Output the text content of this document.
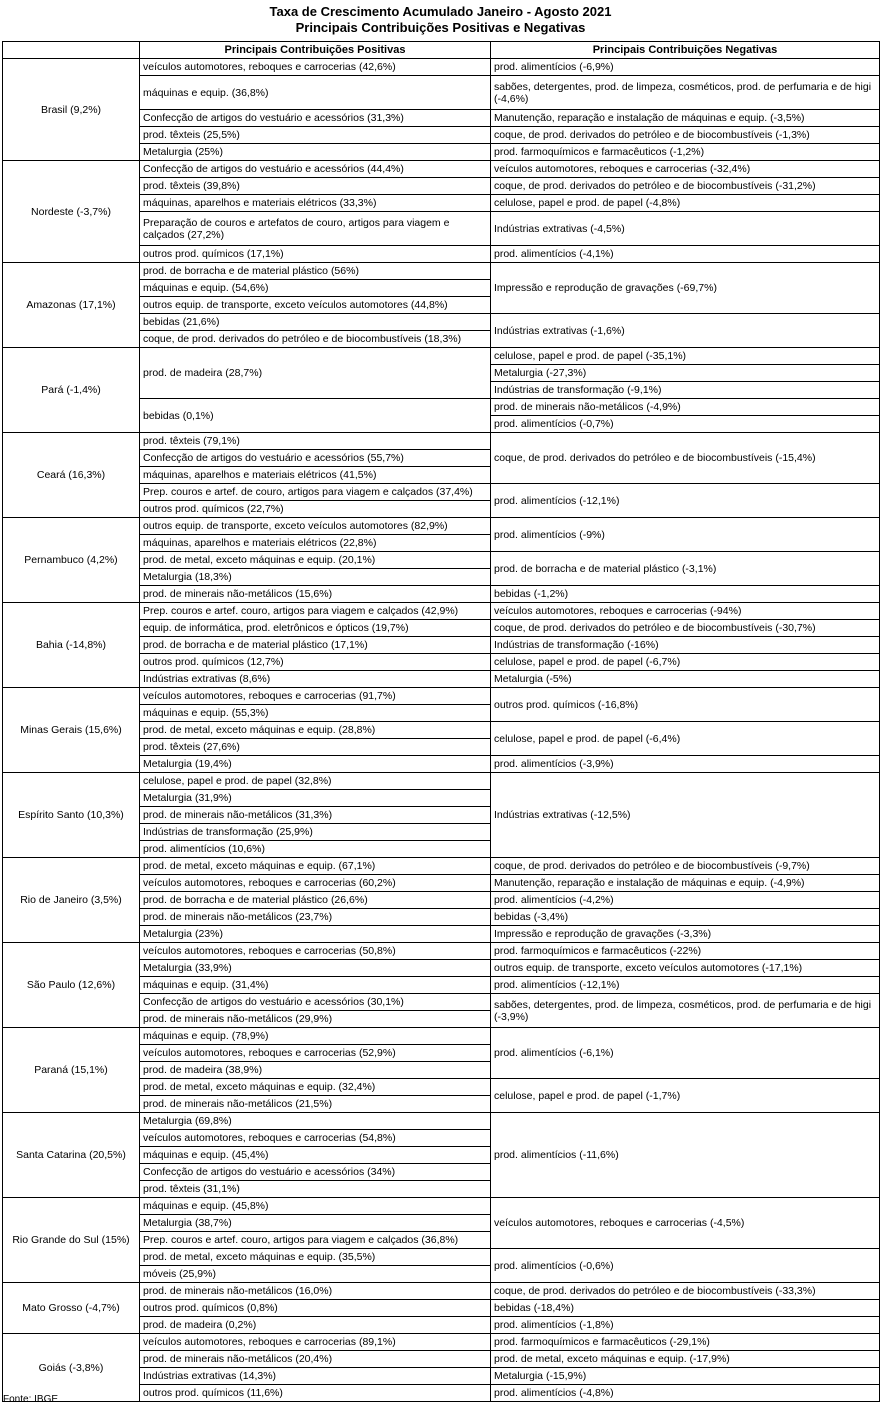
Taxa de Crescimento Acumulado Janeiro - Agosto 2021
Principais Contribuições Positivas e Negativas
	Principais Contribuições Positivas	Principais Contribuições Negativas
Brasil (9,2%)	veículos automotores, reboques e carrocerias (42,6%)	prod. alimentícios (-6,9%)
	máquinas e equip. (36,8%)	sabões, detergentes, prod. de limpeza, cosméticos, prod. de perfumaria e de higi (-4,6%)

	Confecção de artigos do vestuário e acessórios (31,3%)	Manutenção, reparação e instalação de máquinas e equip. (-3,5%)
	prod. têxteis (25,5%)	coque, de prod. derivados do petróleo e de biocombustíveis (-1,3%)
	Metalurgia (25%)	prod. farmoquímicos e farmacêuticos (-1,2%)
Nordeste (-3,7%)	Confecção de artigos do vestuário e acessórios (44,4%)	veículos automotores, reboques e carrocerias (-32,4%)
	prod. têxteis (39,8%)	coque, de prod. derivados do petróleo e de biocombustíveis (-31,2%)
	máquinas, aparelhos e materiais elétricos (33,3%)	celulose, papel e prod. de papel (-4,8%)
	Preparação de couros e artefatos de couro, artigos para viagem e calçados (27,2%)	Indústrias extrativas (-4,5%)

	outros prod. químicos (17,1%)	prod. alimentícios (-4,1%)
Amazonas (17,1%)	prod. de borracha e de material plástico (56%)	Impressão e reprodução de gravações (-69,7%)
	máquinas e equip. (54,6%)	
	outros equip. de transporte, exceto veículos automotores (44,8%)	
	bebidas (21,6%)	Indústrias extrativas (-1,6%)
	coque, de prod. derivados do petróleo e de biocombustíveis (18,3%)	
Pará (-1,4%)	prod. de madeira (28,7%)	celulose, papel e prod. de papel (-35,1%)
		Metalurgia (-27,3%)
		Indústrias de transformação (-9,1%)
	bebidas (0,1%)	prod. de minerais não-metálicos (-4,9%)
		prod. alimentícios (-0,7%)
Ceará (16,3%)	prod. têxteis (79,1%)	coque, de prod. derivados do petróleo e de biocombustíveis (-15,4%)
	Confecção de artigos do vestuário e acessórios (55,7%)	
	máquinas, aparelhos e materiais elétricos (41,5%)	
	Prep. couros e artef. de couro, artigos para viagem e calçados (37,4%)	prod. alimentícios (-12,1%)
	outros prod. químicos (22,7%)	
Pernambuco (4,2%)	outros equip. de transporte, exceto veículos automotores (82,9%)	prod. alimentícios (-9%)
	máquinas, aparelhos e materiais elétricos (22,8%)	
	prod. de metal, exceto máquinas e equip. (20,1%)	prod. de borracha e de material plástico (-3,1%)
	Metalurgia (18,3%)	
	prod. de minerais não-metálicos (15,6%)	bebidas (-1,2%)
Bahia (-14,8%)	Prep. couros e artef. couro, artigos para viagem e calçados (42,9%)	veículos automotores, reboques e carrocerias (-94%)
	equip. de informática, prod. eletrônicos e ópticos (19,7%)	coque, de prod. derivados do petróleo e de biocombustíveis (-30,7%)
	prod. de borracha e de material plástico (17,1%)	Indústrias de transformação (-16%)
	outros prod. químicos (12,7%)	celulose, papel e prod. de papel (-6,7%)
	Indústrias extrativas (8,6%)	Metalurgia (-5%)
Minas Gerais (15,6%)	veículos automotores, reboques e carrocerias (91,7%)	outros prod. químicos (-16,8%)
	máquinas e equip. (55,3%)	
	prod. de metal, exceto máquinas e equip. (28,8%)	celulose, papel e prod. de papel (-6,4%)
	prod. têxteis (27,6%)	
	Metalurgia (19,4%)	prod. alimentícios (-3,9%)
Espírito Santo (10,3%)	celulose, papel e prod. de papel (32,8%)	Indústrias extrativas (-12,5%)
	Metalurgia (31,9%)	
	prod. de minerais não-metálicos (31,3%)	
	Indústrias de transformação (25,9%)	
	prod. alimentícios (10,6%)	
Rio de Janeiro (3,5%)	prod. de metal, exceto máquinas e equip. (67,1%)	coque, de prod. derivados do petróleo e de biocombustíveis (-9,7%)
	veículos automotores, reboques e carrocerias (60,2%)	Manutenção, reparação e instalação de máquinas e equip. (-4,9%)
	prod. de borracha e de material plástico (26,6%)	prod. alimentícios (-4,2%)
	prod. de minerais não-metálicos (23,7%)	bebidas (-3,4%)
	Metalurgia (23%)	Impressão e reprodução de gravações (-3,3%)
São Paulo (12,6%)	veículos automotores, reboques e carrocerias (50,8%)	prod. farmoquímicos e farmacêuticos (-22%)
	Metalurgia (33,9%)	outros equip. de transporte, exceto veículos automotores (-17,1%)
	máquinas e equip. (31,4%)	prod. alimentícios (-12,1%)
	Confecção de artigos do vestuário e acessórios (30,1%)	sabões, detergentes, prod. de limpeza, cosméticos, prod. de perfumaria e de higi (-3,9%)
	prod. de minerais não-metálicos (29,9%)	
Paraná (15,1%)	máquinas e equip. (78,9%)	prod. alimentícios (-6,1%)
	veículos automotores, reboques e carrocerias (52,9%)	
	prod. de madeira (38,9%)	
	prod. de metal, exceto máquinas e equip. (32,4%)	celulose, papel e prod. de papel (-1,7%)
	prod. de minerais não-metálicos (21,5%)	
Santa Catarina (20,5%)	Metalurgia (69,8%)	prod. alimentícios (-11,6%)
	veículos automotores, reboques e carrocerias (54,8%)	
	máquinas e equip. (45,4%)	
	Confecção de artigos do vestuário e acessórios (34%)	
	prod. têxteis (31,1%)	
Rio Grande do Sul (15%)	máquinas e equip. (45,8%)	veículos automotores, reboques e carrocerias (-4,5%)
	Metalurgia (38,7%)	
	Prep. couros e artef. couro, artigos para viagem e calçados (36,8%)	
	prod. de metal, exceto máquinas e equip. (35,5%)	prod. alimentícios (-0,6%)
	móveis (25,9%)	
Mato Grosso (-4,7%)	prod. de minerais não-metálicos (16,0%)	coque, de prod. derivados do petróleo e de biocombustíveis (-33,3%)
	outros prod. químicos (0,8%)	bebidas (-18,4%)
	prod. de madeira (0,2%)	prod. alimentícios (-1,8%)
Goiás (-3,8%)	veículos automotores, reboques e carrocerias (89,1%)	prod. farmoquímicos e farmacêuticos (-29,1%)
	prod. de minerais não-metálicos (20,4%)	prod. de metal, exceto máquinas e equip. (-17,9%)
	Indústrias extrativas (14,3%)	Metalurgia (-15,9%)
	outros prod. químicos (11,6%)	prod. alimentícios (-4,8%)
Fonte: IBGE
